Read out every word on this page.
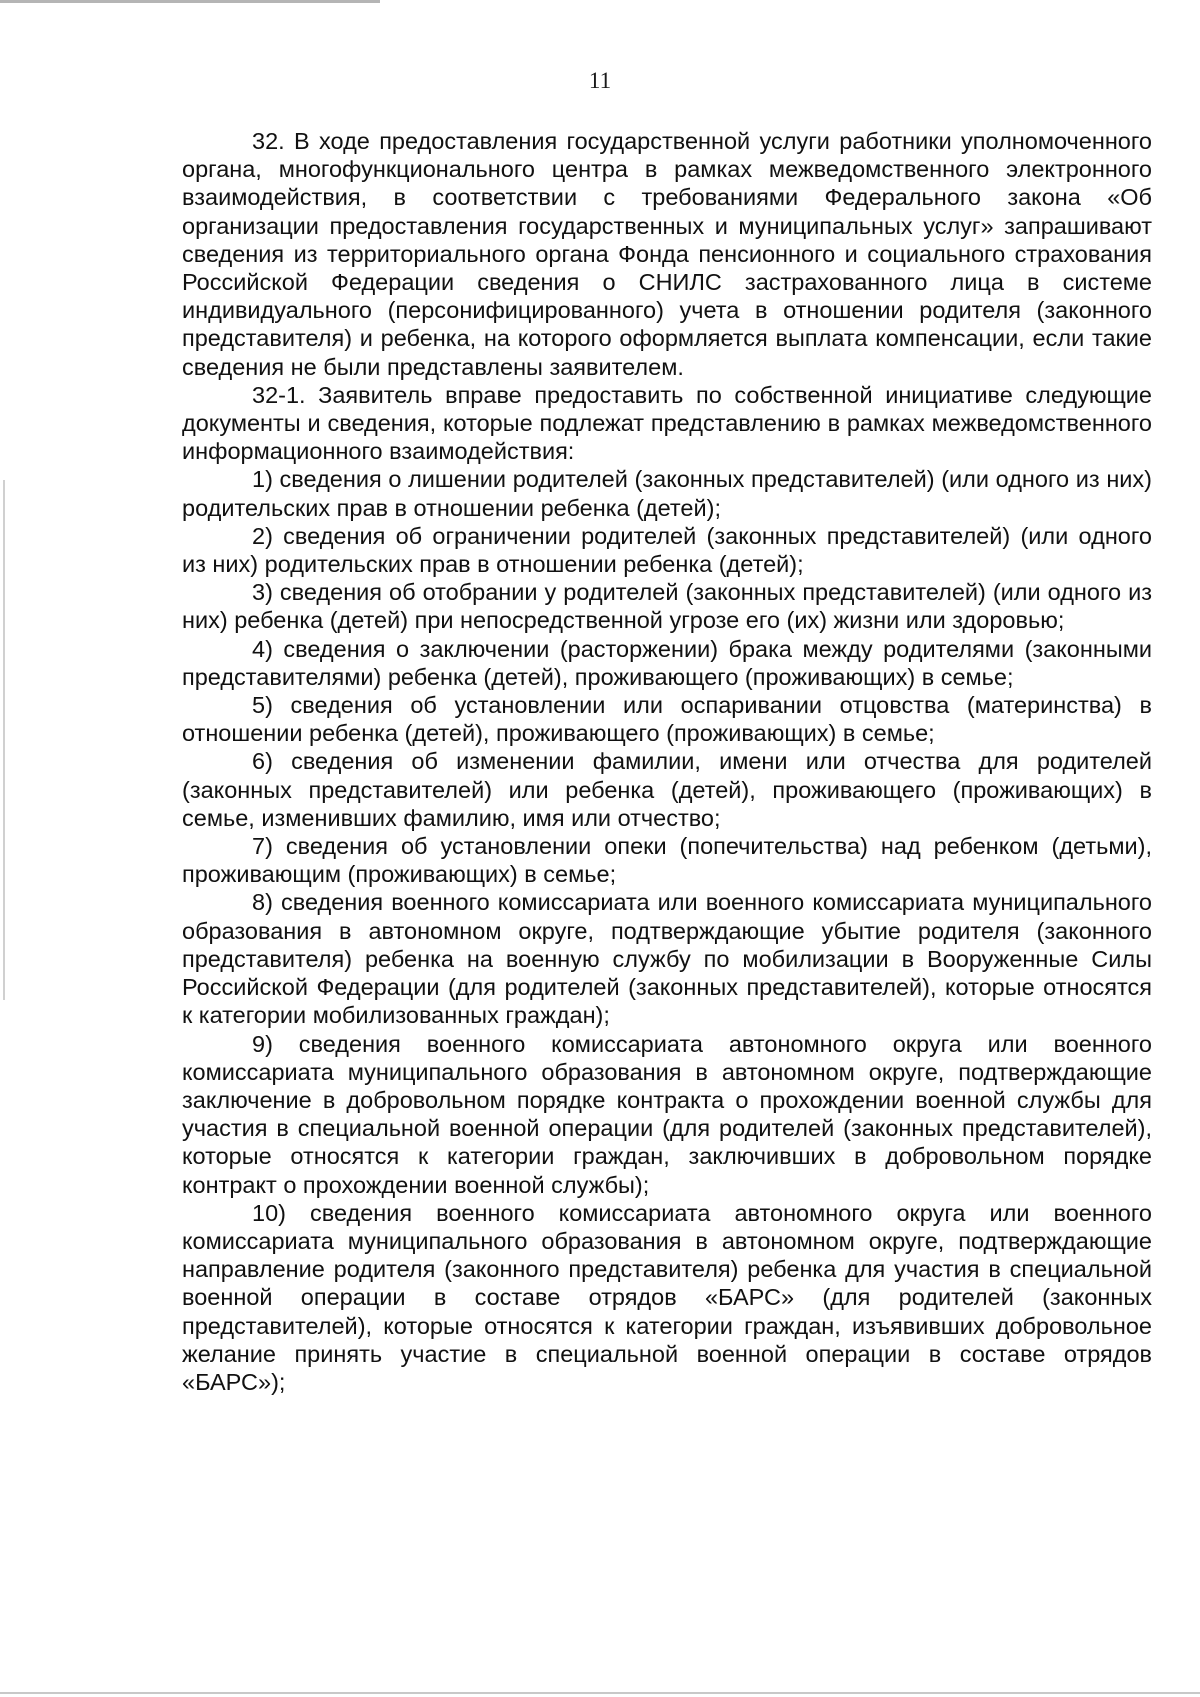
11

32. В ходе предоставления государственной услуги работники уполномоченного органа, многофункционального центра в рамках межведомственного электронного взаимодействия, в соответствии с требованиями Федерального закона «Об организации предоставления государственных и муниципальных услуг» запрашивают сведения из территориального органа Фонда пенсионного и социального страхования Российской Федерации сведения о СНИЛС застрахованного лица в системе индивидуального (персонифицированного) учета в отношении родителя (законного представителя) и ребенка, на которого оформляется выплата компенсации, если такие сведения не были представлены заявителем.

32-1. Заявитель вправе предоставить по собственной инициативе следующие документы и сведения, которые подлежат представлению в рамках межведомственного информационного взаимодействия:

1) сведения о лишении родителей (законных представителей) (или одного из них) родительских прав в отношении ребенка (детей);

2) сведения об ограничении родителей (законных представителей) (или одного из них) родительских прав в отношении ребенка (детей);

3) сведения об отобрании у родителей (законных представителей) (или одного из них) ребенка (детей) при непосредственной угрозе его (их) жизни или здоровью;

4) сведения о заключении (расторжении) брака между родителями (законными представителями) ребенка (детей), проживающего (проживающих) в семье;

5) сведения об установлении или оспаривании отцовства (материнства) в отношении ребенка (детей), проживающего (проживающих) в семье;

6) сведения об изменении фамилии, имени или отчества для родителей (законных представителей) или ребенка (детей), проживающего (проживающих) в семье, изменивших фамилию, имя или отчество;

7) сведения об установлении опеки (попечительства) над ребенком (детьми), проживающим (проживающих) в семье;

8) сведения военного комиссариата или военного комиссариата муниципального образования в автономном округе, подтверждающие убытие родителя (законного представителя) ребенка на военную службу по мобилизации в Вооруженные Силы Российской Федерации (для родителей (законных представителей), которые относятся к категории мобилизованных граждан);

9) сведения военного комиссариата автономного округа или военного комиссариата муниципального образования в автономном округе, подтверждающие заключение в добровольном порядке контракта о прохождении военной службы для участия в специальной военной операции (для родителей (законных представителей), которые относятся к категории граждан, заключивших в добровольном порядке контракт о прохождении военной службы);

10) сведения военного комиссариата автономного округа или военного комиссариата муниципального образования в автономном округе, подтверждающие направление родителя (законного представителя) ребенка для участия в специальной военной операции в составе отрядов «БАРС» (для родителей (законных представителей), которые относятся к категории граждан, изъявивших добровольное желание принять участие в специальной военной операции в составе отрядов «БАРС»);
